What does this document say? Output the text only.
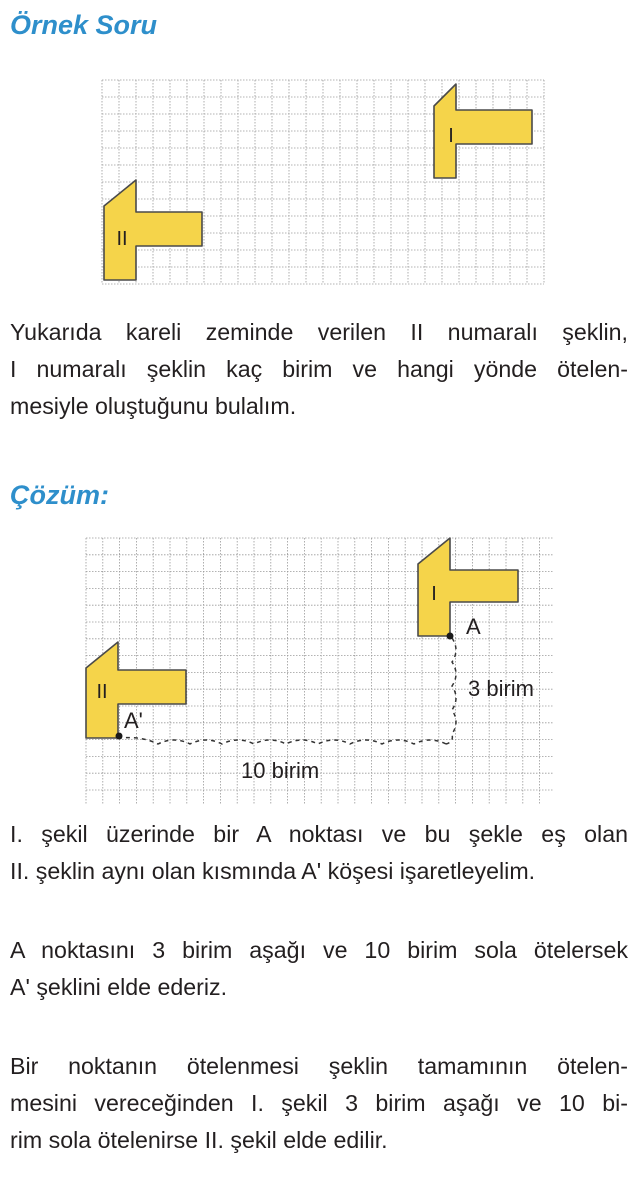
Örnek Soru
I
II

Yukarıda kareli zeminde verilen II numaralı şeklin,
I numaralı şeklin kaç birim ve hangi yönde ötelen-
mesiyle oluştuğunu bulalım.

Çözüm:
I
II
A
A'
3 birim
10 birim

I. şekil üzerinde bir A noktası ve bu şekle eş olan
II. şeklin aynı olan kısmında A' köşesi işaretleyelim.

A noktasını 3 birim aşağı ve 10 birim sola ötelersek
A' şeklini elde ederiz.

Bir noktanın ötelenmesi şeklin tamamının ötelen-
mesini vereceğinden I. şekil 3 birim aşağı ve 10 bi-
rim sola ötelenirse II. şekil elde edilir.
